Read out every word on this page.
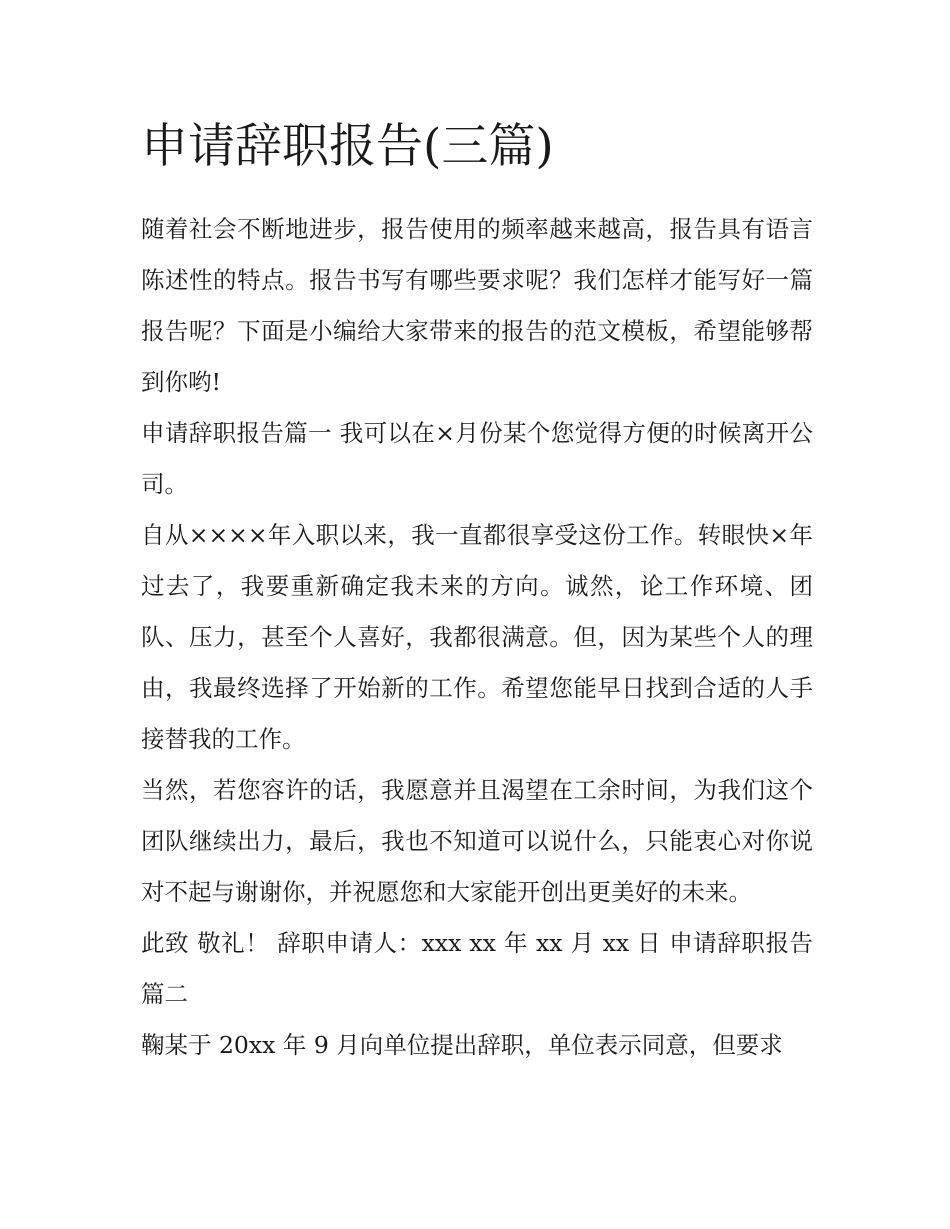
申请辞职报告(三篇)

随着社会不断地进步，报告使用的频率越来越高，报告具有语言陈述性的特点。报告书写有哪些要求呢？我们怎样才能写好一篇报告呢？下面是小编给大家带来的报告的范文模板，希望能够帮到你哟!

申请辞职报告篇一 我可以在×月份某个您觉得方便的时候离开公司。

自从××××年入职以来，我一直都很享受这份工作。转眼快×年过去了，我要重新确定我未来的方向。诚然，论工作环境、团队、压力，甚至个人喜好，我都很满意。但，因为某些个人的理由，我最终选择了开始新的工作。希望您能早日找到合适的人手接替我的工作。

当然，若您容许的话，我愿意并且渴望在工余时间，为我们这个团队继续出力，最后，我也不知道可以说什么，只能衷心对你说对不起与谢谢你，并祝愿您和大家能开创出更美好的未来。

此致 敬礼！ 辞职申请人：xxx xx 年 xx 月 xx 日 申请辞职报告篇二

鞠某于 20xx 年 9 月向单位提出辞职，单位表示同意，但要求
